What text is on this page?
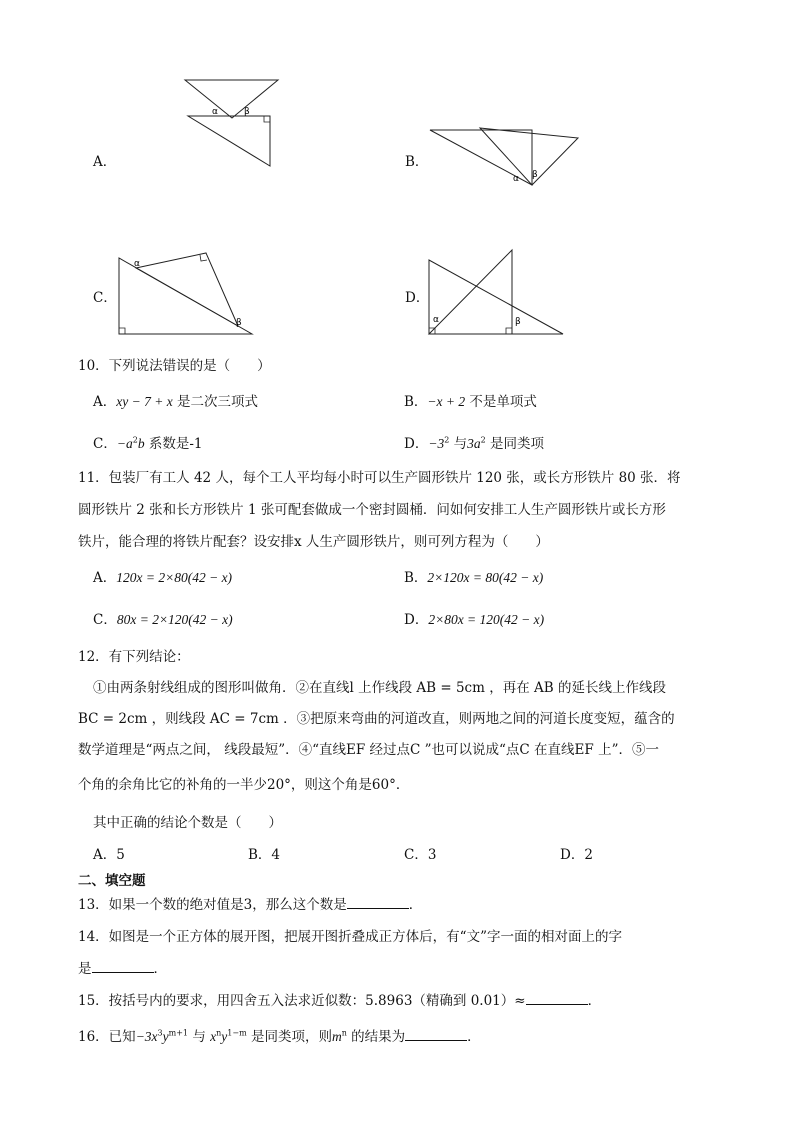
A．
α	β
B．
α β
C．
α
β
D．
α	β
10．下列说法错误的是（　　）
A．xy − 7 + x 是二次三项式	B．−x + 2 不是单项式
C．$-a^2b$ 系数是-1	D．$-3^2$ 与$3a^2$ 是同类项
11．包装厂有工人 42 人，每个工人平均每小时可以生产圆形铁片 120 张，或长方形铁片 80 张．将
圆形铁片 2 张和长方形铁片 1 张可配套做成一个密封圆桶．问如何安排工人生产圆形铁片或长方形
铁片，能合理的将铁片配套？设安排x 人生产圆形铁片，则可列方程为（　　）
A．120x = 2×80(42 − x)	B．2×120x = 80(42 − x)
C．80x = 2×120(42 − x)	D．2×80x = 120(42 − x)
12．有下列结论：
①由两条射线组成的图形叫做角．②在直线l 上作线段 AB = 5cm ，再在 AB 的延长线上作线段
BC = 2cm ，则线段 AC = 7cm ．③把原来弯曲的河道改直，则两地之间的河道长度变短，蕴含的
数学道理是“两点之间， 线段最短”．④“直线EF 经过点C ”也可以说成“点C 在直线EF 上”．⑤一
个角的余角比它的补角的一半少20°，则这个角是60°．
其中正确的结论个数是（　　）
A．5	B．4	C．3	D．2
二、填空题
13．如果一个数的绝对值是3，那么这个数是	．
14．如图是一个正方体的展开图，把展开图折叠成正方体后，有“文”字一面的相对面上的字
是	．
15．按括号内的要求，用四舍五入法求近似数：5.8963（精确到 0.01）≈	．
16．已知$-3x^3y^{m+1}$ 与 $x^ny^{1-m}$ 是同类项，则$m^n$ 的结果为	．
